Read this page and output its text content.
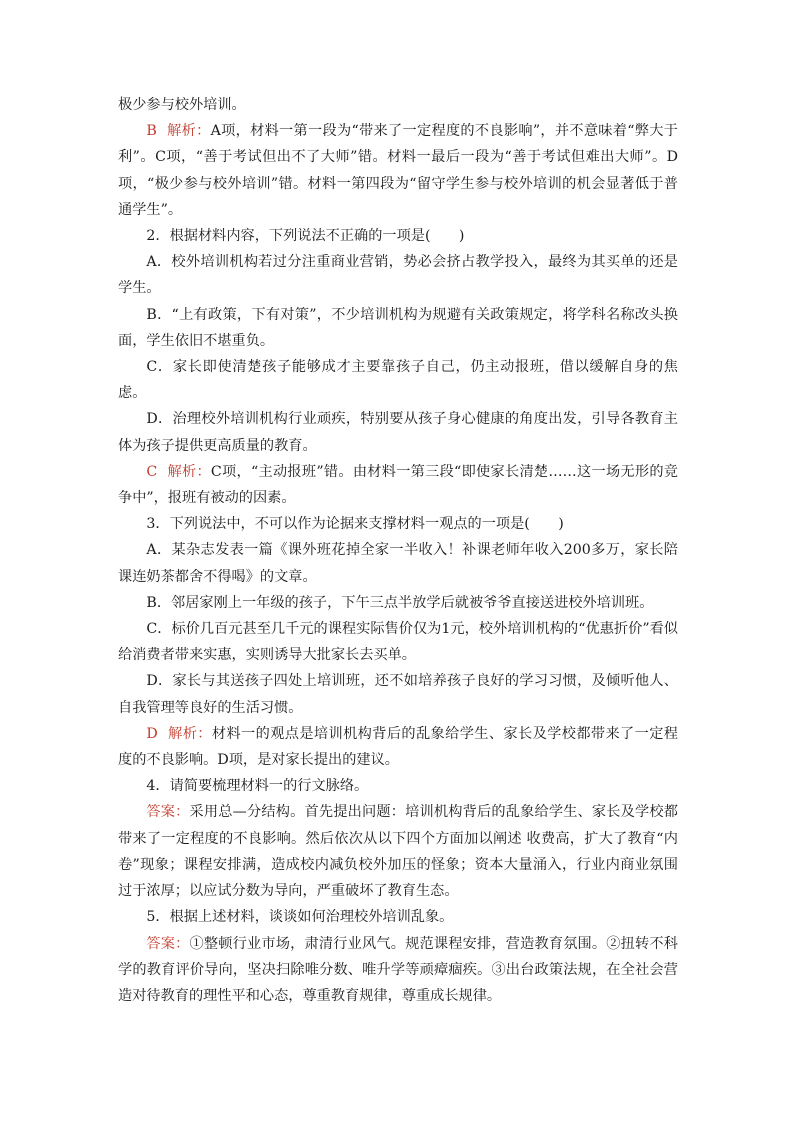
极少参与校外培训。

B 解析：A项，材料一第一段为“带来了一定程度的不良影响”，并不意味着“弊大于利”。C项，“善于考试但出不了大师”错。材料一最后一段为“善于考试但难出大师”。D项，“极少参与校外培训”错。材料一第四段为“留守学生参与校外培训的机会显著低于普通学生”。

2．根据材料内容，下列说法不正确的一项是(　　)

A．校外培训机构若过分注重商业营销，势必会挤占教学投入，最终为其买单的还是学生。

B．“上有政策，下有对策”，不少培训机构为规避有关政策规定，将学科名称改头换面，学生依旧不堪重负。

C．家长即使清楚孩子能够成才主要靠孩子自己，仍主动报班，借以缓解自身的焦虑。

D．治理校外培训机构行业顽疾，特别要从孩子身心健康的角度出发，引导各教育主体为孩子提供更高质量的教育。

C 解析：C项，“主动报班”错。由材料一第三段“即使家长清楚……这一场无形的竞争中”，报班有被动的因素。

3．下列说法中，不可以作为论据来支撑材料一观点的一项是(　　)

A．某杂志发表一篇《课外班花掉全家一半收入！补课老师年收入200多万，家长陪课连奶茶都舍不得喝》的文章。

B．邻居家刚上一年级的孩子，下午三点半放学后就被爷爷直接送进校外培训班。

C．标价几百元甚至几千元的课程实际售价仅为1元，校外培训机构的“优惠折价”看似给消费者带来实惠，实则诱导大批家长去买单。

D．家长与其送孩子四处上培训班，还不如培养孩子良好的学习习惯，及倾听他人、自我管理等良好的生活习惯。

D 解析：材料一的观点是培训机构背后的乱象给学生、家长及学校都带来了一定程度的不良影响。D项，是对家长提出的建议。

4．请简要梳理材料一的行文脉络。

答案：采用总—分结构。首先提出问题：培训机构背后的乱象给学生、家长及学校都带来了一定程度的不良影响。然后依次从以下四个方面加以阐述 收费高，扩大了教育“内卷”现象；课程安排满，造成校内减负校外加压的怪象；资本大量涌入，行业内商业氛围过于浓厚；以应试分数为导向，严重破坏了教育生态。

5．根据上述材料，谈谈如何治理校外培训乱象。

答案：①整顿行业市场，肃清行业风气。规范课程安排，营造教育氛围。②扭转不科学的教育评价导向，坚决扫除唯分数、唯升学等顽瘴痼疾。③出台政策法规，在全社会营造对待教育的理性平和心态，尊重教育规律，尊重成长规律。
